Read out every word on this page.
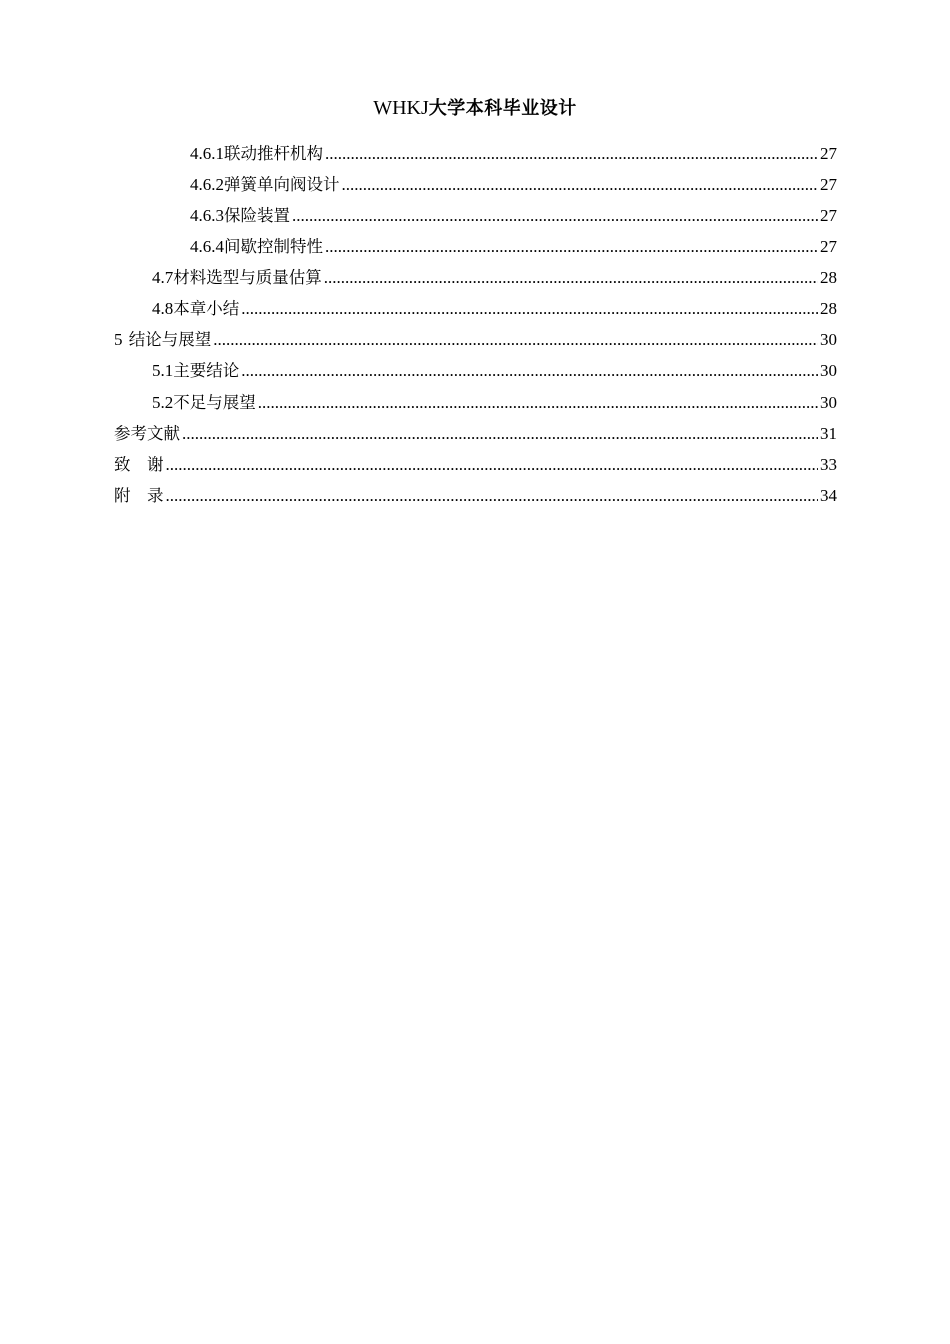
WHKJ大学本科毕业设计
4.6.1 联动推杆机构 .....	27
4.6.2 弹簧单向阀设计 .....	27
4.6.3 保险装置 .....	27
4.6.4 间歇控制特性 .....	27
4.7 材料选型与质量估算 .....	28
4.8 本章小结 .....	28
5 结论与展望 .....	30
5.1 主要结论 .....	30
5.2 不足与展望 .....	30
参考文献 .....	31
致　谢 .....	33
附　录 .....	34
